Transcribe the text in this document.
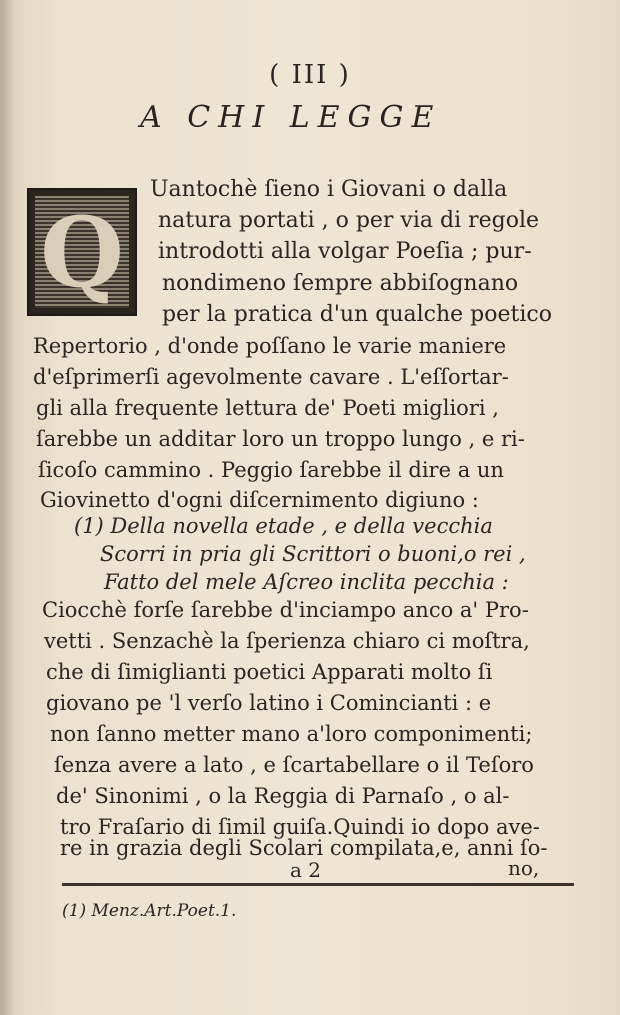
( III )
A CHI LEGGE
Q
Uantochè ſieno i Giovani o dalla
natura portati , o per via di regole
introdotti alla volgar Poeſia ; pur-
nondimeno ſempre abbiſognano
per la pratica d'un qualche poetico
Repertorio , d'onde poſſano le varie maniere
d'eſprimerſi agevolmente cavare . L'eſſortar-
gli alla frequente lettura de' Poeti migliori ,
ſarebbe un additar loro un troppo lungo , e ri-
ſicoſo cammino . Peggio ſarebbe il dire a un
Giovinetto d'ogni diſcernimento digiuno :
(1) Della novella etade , e della vecchia
Scorri in pria gli Scrittori o buoni,o rei ,
Fatto del mele Aſcreo inclita pecchia :
Ciocchè forſe ſarebbe d'inciampo anco a' Pro-
vetti . Senzachè la ſperienza chiaro ci moſtra,
che di ſimiglianti poetici Apparati molto ſi
giovano pe 'l verſo latino i Comincianti : e
non ſanno metter mano a'loro componimenti;
ſenza avere a lato , e ſcartabellare o il Teſoro
de' Sinonimi , o la Reggia di Parnaſo , o al-
tro Fraſario di ſimil guiſa.Quindi io dopo ave-
re in grazia degli Scolari compilata,e, anni ſo-
a 2	no,
(1) Menz.Art.Poet.1.
